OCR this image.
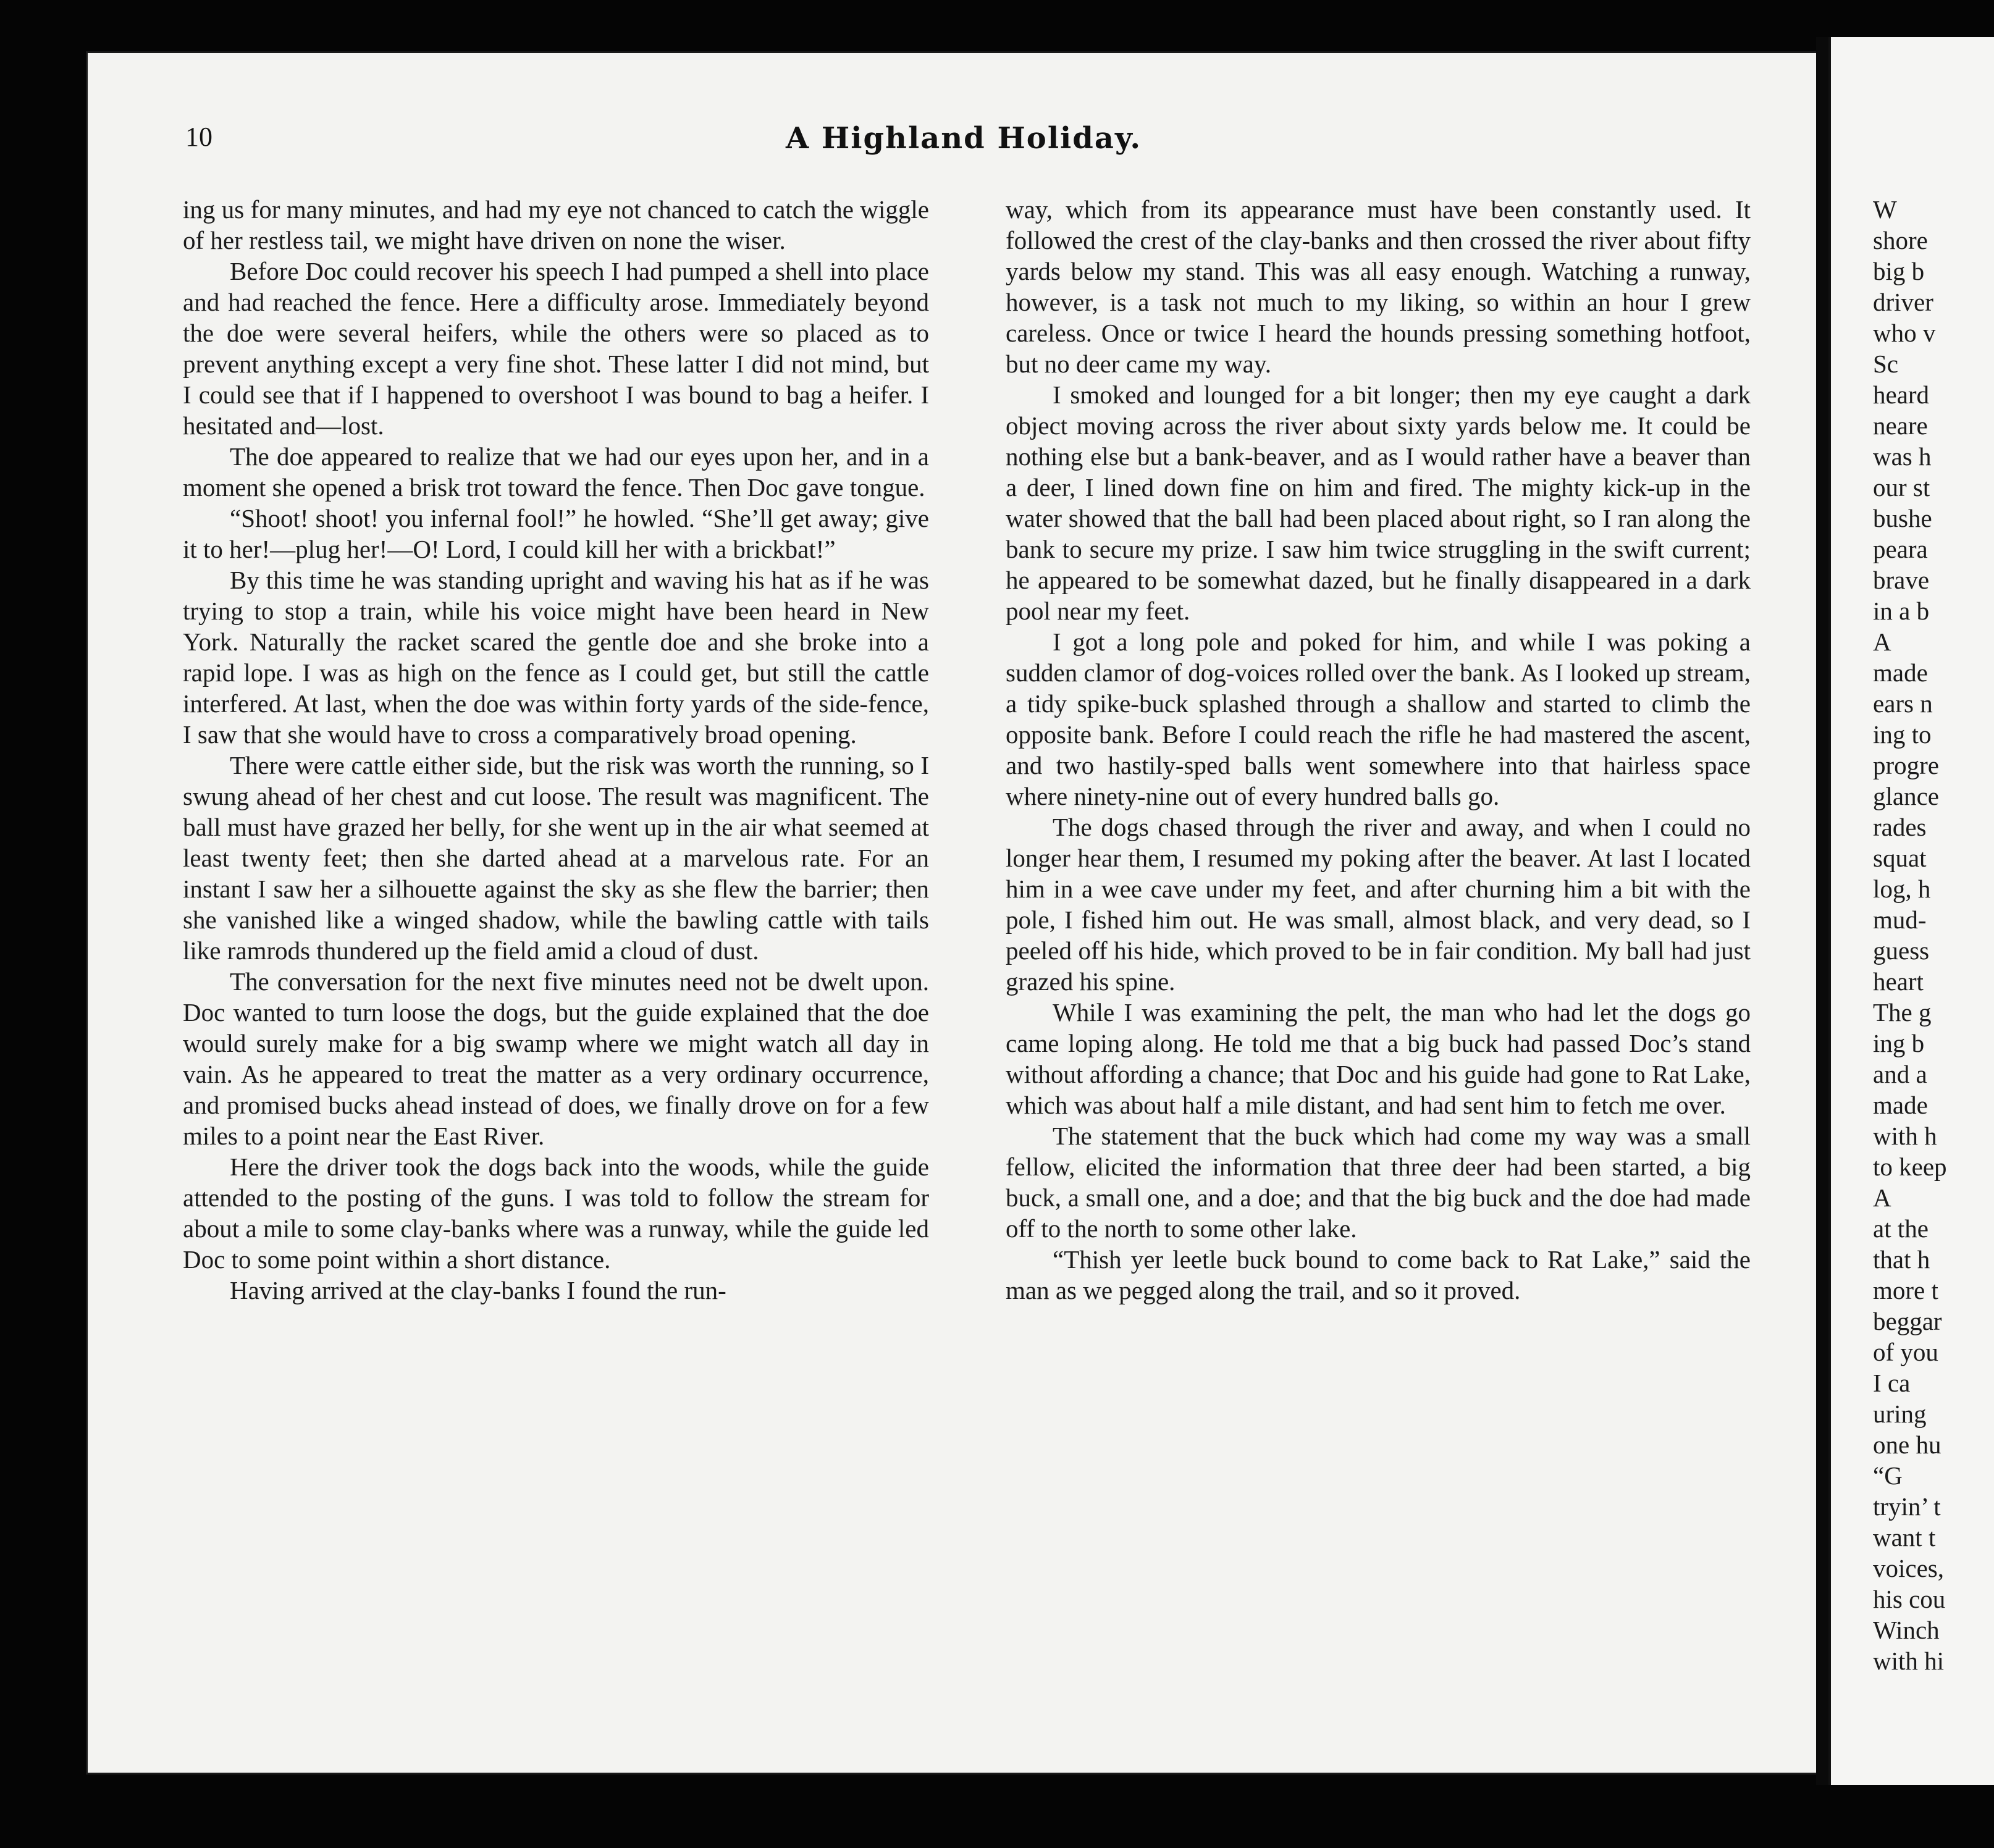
10	A Highland Holiday.

ing us for many minutes, and had my eye not chanced to catch the wiggle of her restless tail, we might have driven on none the wiser.

Before Doc could recover his speech I had pumped a shell into place and had reached the fence. Here a difficulty arose. Immediately beyond the doe were several heifers, while the others were so placed as to prevent anything except a very fine shot. These latter I did not mind, but I could see that if I happened to overshoot I was bound to bag a heifer. I hesitated and—lost.

The doe appeared to realize that we had our eyes upon her, and in a moment she opened a brisk trot toward the fence. Then Doc gave tongue.

“Shoot! shoot! you infernal fool!” he howled. “She’ll get away; give it to her!—plug her!—O! Lord, I could kill her with a brickbat!”

By this time he was standing upright and waving his hat as if he was trying to stop a train, while his voice might have been heard in New York. Naturally the racket scared the gentle doe and she broke into a rapid lope. I was as high on the fence as I could get, but still the cattle interfered. At last, when the doe was within forty yards of the side-fence, I saw that she would have to cross a comparatively broad opening.

There were cattle either side, but the risk was worth the running, so I swung ahead of her chest and cut loose. The result was magnificent. The ball must have grazed her belly, for she went up in the air what seemed at least twenty feet; then she darted ahead at a marvelous rate. For an instant I saw her a silhouette against the sky as she flew the barrier; then she vanished like a winged shadow, while the bawling cattle with tails like ramrods thundered up the field amid a cloud of dust.

The conversation for the next five minutes need not be dwelt upon. Doc wanted to turn loose the dogs, but the guide explained that the doe would surely make for a big swamp where we might watch all day in vain. As he appeared to treat the matter as a very ordinary occurrence, and promised bucks ahead instead of does, we finally drove on for a few miles to a point near the East River.

Here the driver took the dogs back into the woods, while the guide attended to the posting of the guns. I was told to follow the stream for about a mile to some clay-banks where was a runway, while the guide led Doc to some point within a short distance.

Having arrived at the clay-banks I found the run-

way, which from its appearance must have been constantly used. It followed the crest of the clay-banks and then crossed the river about fifty yards below my stand. This was all easy enough. Watching a runway, however, is a task not much to my liking, so within an hour I grew careless. Once or twice I heard the hounds pressing something hotfoot, but no deer came my way.

I smoked and lounged for a bit longer; then my eye caught a dark object moving across the river about sixty yards below me. It could be nothing else but a bank-beaver, and as I would rather have a beaver than a deer, I lined down fine on him and fired. The mighty kick-up in the water showed that the ball had been placed about right, so I ran along the bank to secure my prize. I saw him twice struggling in the swift current; he appeared to be somewhat dazed, but he finally disappeared in a dark pool near my feet.

I got a long pole and poked for him, and while I was poking a sudden clamor of dog-voices rolled over the bank. As I looked up stream, a tidy spike-buck splashed through a shallow and started to climb the opposite bank. Before I could reach the rifle he had mastered the ascent, and two hastily-sped balls went somewhere into that hairless space where ninety-nine out of every hundred balls go.

The dogs chased through the river and away, and when I could no longer hear them, I resumed my poking after the beaver. At last I located him in a wee cave under my feet, and after churning him a bit with the pole, I fished him out. He was small, almost black, and very dead, so I peeled off his hide, which proved to be in fair condition. My ball had just grazed his spine.

While I was examining the pelt, the man who had let the dogs go came loping along. He told me that a big buck had passed Doc’s stand without affording a chance; that Doc and his guide had gone to Rat Lake, which was about half a mile distant, and had sent him to fetch me over.

The statement that the buck which had come my way was a small fellow, elicited the information that three deer had been started, a big buck, a small one, and a doe; and that the big buck and the doe had made off to the north to some other lake.

“Thish yer leetle buck bound to come back to Rat Lake,” said the man as we pegged along the trail, and so it proved.

W
shore
big b
driver
who v
Sc
heard
neare
was h
our st
bushe
peara
brave
in a b
A
made
ears n
ing to
progre
glance
rades
squat
log, h
mud-
guess
heart
The g
ing b
and a
made
with h
to keep
A
at the
that h
more t
beggar
of you
I ca
uring
one hu
“G
tryin’ t
want t
voices,
his cou
Winch
with hi
